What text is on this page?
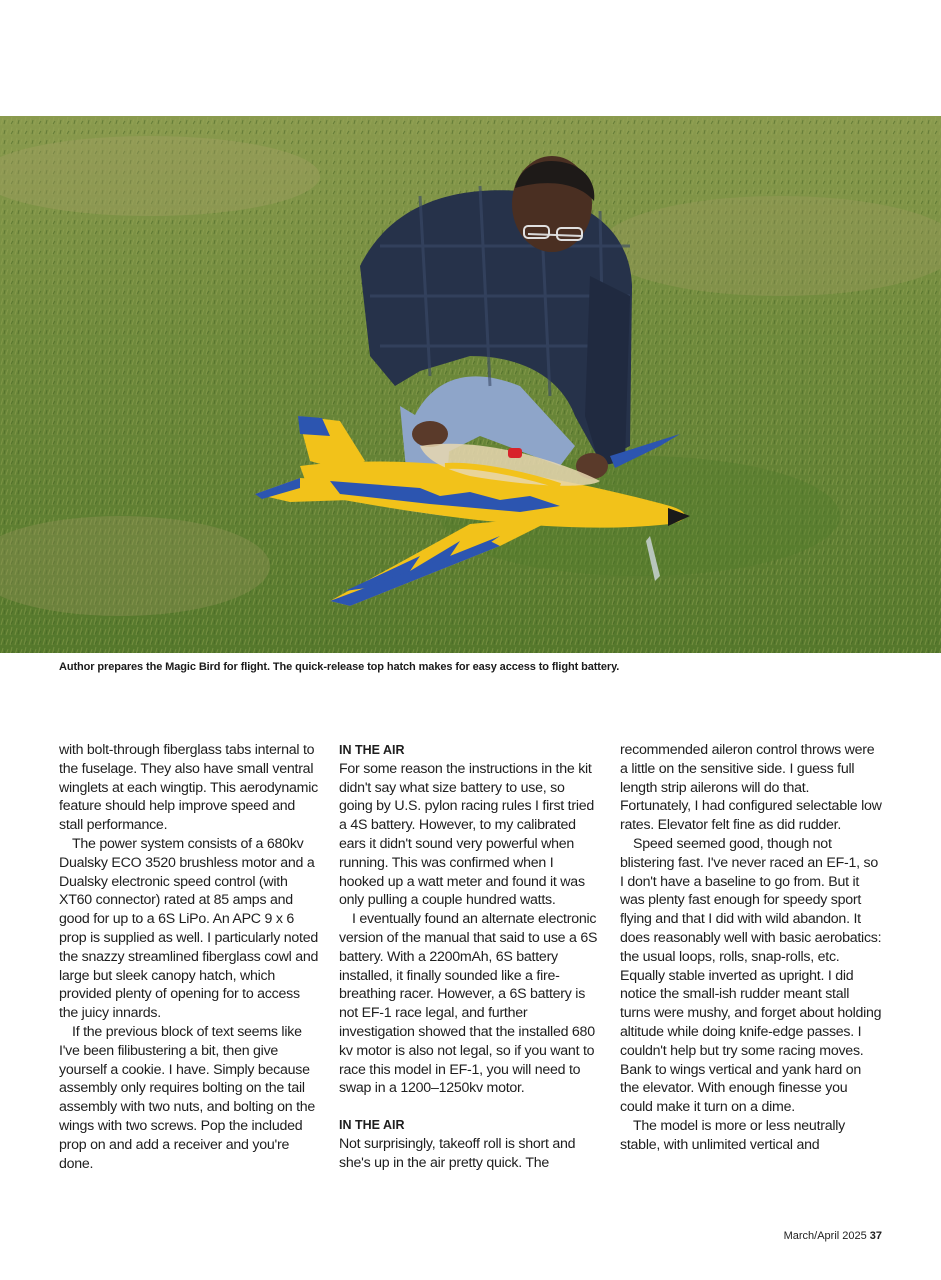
Author prepares the Magic Bird for flight. The quick-release top hatch makes for easy access to flight battery.

with bolt-through fiberglass tabs internal to the fuselage. They also have small ventral winglets at each wingtip. This aerodynamic feature should help improve speed and stall performance.

The power system consists of a 680kv Dualsky ECO 3520 brushless motor and a Dualsky electronic speed control (with XT60 connector) rated at 85 amps and good for up to a 6S LiPo. An APC 9 x 6 prop is supplied as well. I particularly noted the snazzy streamlined fiberglass cowl and large but sleek canopy hatch, which provided plenty of opening for to access the juicy innards.

If the previous block of text seems like I've been filibustering a bit, then give yourself a cookie. I have. Simply because assembly only requires bolting on the tail assembly with two nuts, and bolting on the wings with two screws. Pop the included prop on and add a receiver and you're done.

IN THE AIR

For some reason the instructions in the kit didn't say what size battery to use, so going by U.S. pylon racing rules I first tried a 4S battery. However, to my calibrated ears it didn't sound very powerful when running. This was confirmed when I hooked up a watt meter and found it was only pulling a couple hundred watts.

I eventually found an alternate electronic version of the manual that said to use a 6S battery. With a 2200mAh, 6S battery installed, it finally sounded like a fire-breathing racer. However, a 6S battery is not EF-1 race legal, and further investigation showed that the installed 680 kv motor is also not legal, so if you want to race this model in EF-1, you will need to swap in a 1200–1250kv motor.

IN THE AIR

Not surprisingly, takeoff roll is short and she's up in the air pretty quick. The

recommended aileron control throws were a little on the sensitive side. I guess full length strip ailerons will do that. Fortunately, I had configured selectable low rates. Elevator felt fine as did rudder.

Speed seemed good, though not blistering fast. I've never raced an EF-1, so I don't have a baseline to go from. But it was plenty fast enough for speedy sport flying and that I did with wild abandon. It does reasonably well with basic aerobatics: the usual loops, rolls, snap-rolls, etc. Equally stable inverted as upright. I did notice the small-ish rudder meant stall turns were mushy, and forget about holding altitude while doing knife-edge passes. I couldn't help but try some racing moves. Bank to wings vertical and yank hard on the elevator. With enough finesse you could make it turn on a dime.

The model is more or less neutrally stable, with unlimited vertical and

March/April 2025 37
